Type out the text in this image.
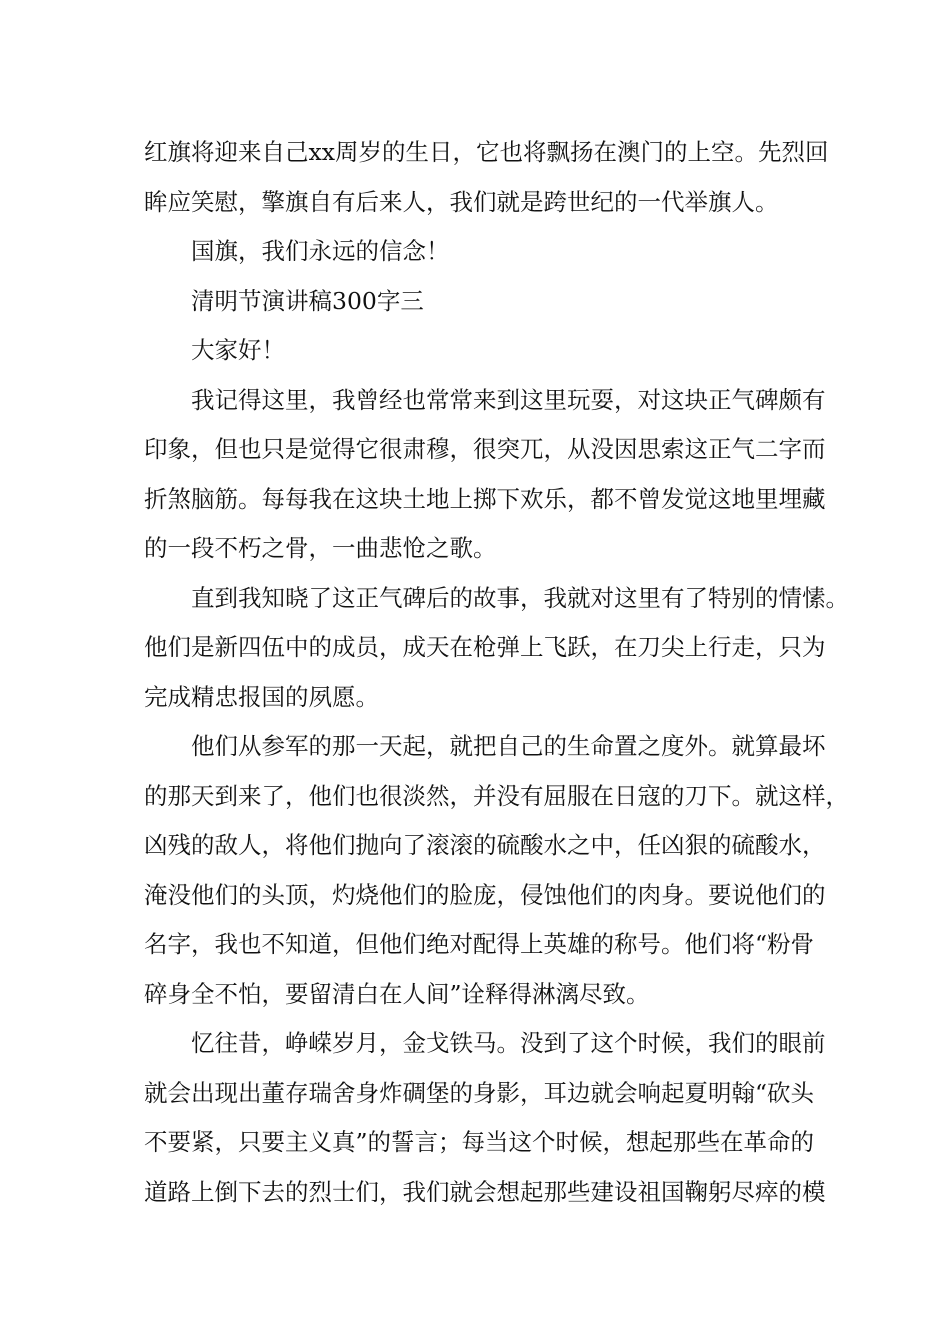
红旗将迎来自己xx周岁的生日，它也将飘扬在澳门的上空。先烈回
眸应笑慰，擎旗自有后来人，我们就是跨世纪的一代举旗人。
国旗，我们永远的信念！
清明节演讲稿300字三
大家好！
我记得这里，我曾经也常常来到这里玩耍，对这块正气碑颇有
印象，但也只是觉得它很肃穆，很突兀，从没因思索这正气二字而
折煞脑筋。每每我在这块土地上掷下欢乐，都不曾发觉这地里埋藏
的一段不朽之骨，一曲悲怆之歌。
直到我知晓了这正气碑后的故事，我就对这里有了特别的情愫。
他们是新四伍中的成员，成天在枪弹上飞跃，在刀尖上行走，只为
完成精忠报国的夙愿。
他们从参军的那一天起，就把自己的生命置之度外。就算最坏
的那天到来了，他们也很淡然，并没有屈服在日寇的刀下。就这样，
凶残的敌人，将他们抛向了滚滚的硫酸水之中，任凶狠的硫酸水，
淹没他们的头顶，灼烧他们的脸庞，侵蚀他们的肉身。要说他们的
名字，我也不知道，但他们绝对配得上英雄的称号。他们将“粉骨
碎身全不怕，要留清白在人间”诠释得淋漓尽致。
忆往昔，峥嵘岁月，金戈铁马。没到了这个时候，我们的眼前
就会出现出董存瑞舍身炸碉堡的身影，耳边就会响起夏明翰“砍头
不要紧，只要主义真”的誓言；每当这个时候，想起那些在革命的
道路上倒下去的烈士们，我们就会想起那些建设祖国鞠躬尽瘁的模
